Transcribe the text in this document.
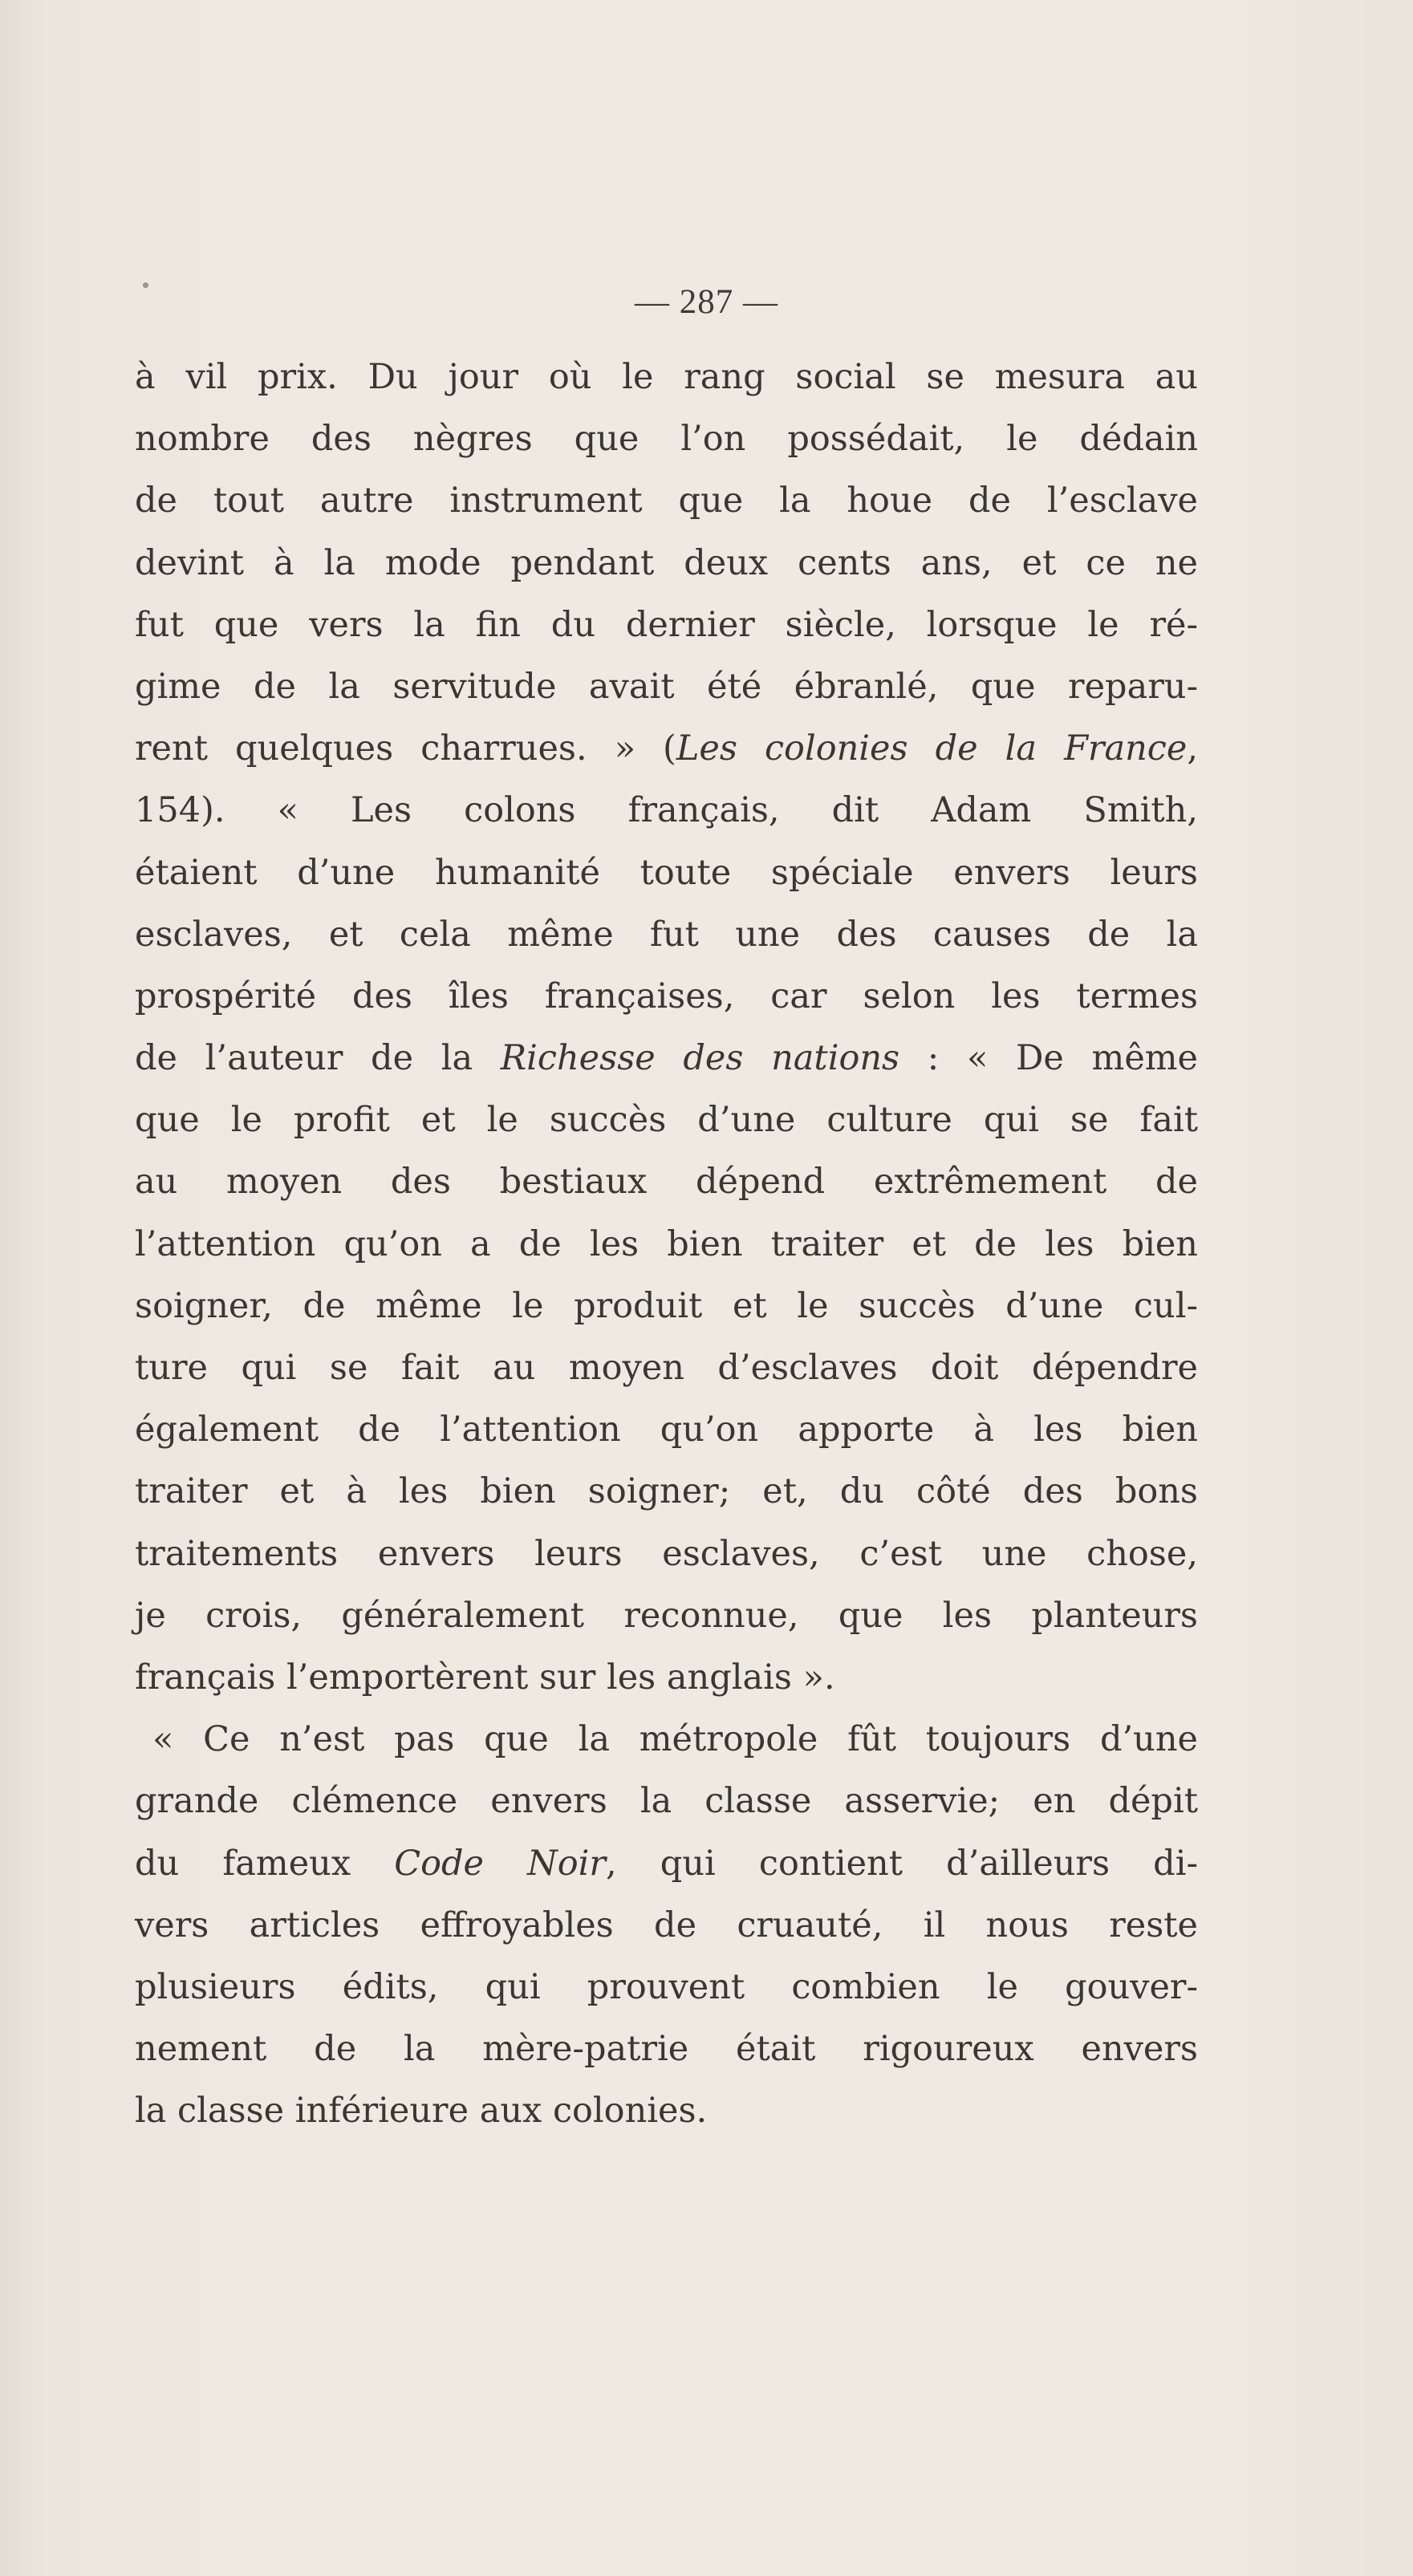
— 287 —
à vil prix. Du jour où le rang social se mesura au
nombre des nègres que l’on possédait, le dédain
de tout autre instrument que la houe de l’esclave
devint à la mode pendant deux cents ans, et ce ne
fut que vers la fin du dernier siècle, lorsque le ré-
gime de la servitude avait été ébranlé, que reparu-
rent quelques charrues. » (Les colonies de la France,
154). « Les colons français, dit Adam Smith,
étaient d’une humanité toute spéciale envers leurs
esclaves, et cela même fut une des causes de la
prospérité des îles françaises, car selon les termes
de l’auteur de la Richesse des nations : « De même
que le profit et le succès d’une culture qui se fait
au moyen des bestiaux dépend extrêmement de
l’attention qu’on a de les bien traiter et de les bien
soigner, de même le produit et le succès d’une cul-
ture qui se fait au moyen d’esclaves doit dépendre
également de l’attention qu’on apporte à les bien
traiter et à les bien soigner; et, du côté des bons
traitements envers leurs esclaves, c’est une chose,
je crois, généralement reconnue, que les planteurs
français l’emportèrent sur les anglais ».
« Ce n’est pas que la métropole fût toujours d’une
grande clémence envers la classe asservie; en dépit
du fameux Code Noir, qui contient d’ailleurs di-
vers articles effroyables de cruauté, il nous reste
plusieurs édits, qui prouvent combien le gouver-
nement de la mère-patrie était rigoureux envers
la classe inférieure aux colonies.
